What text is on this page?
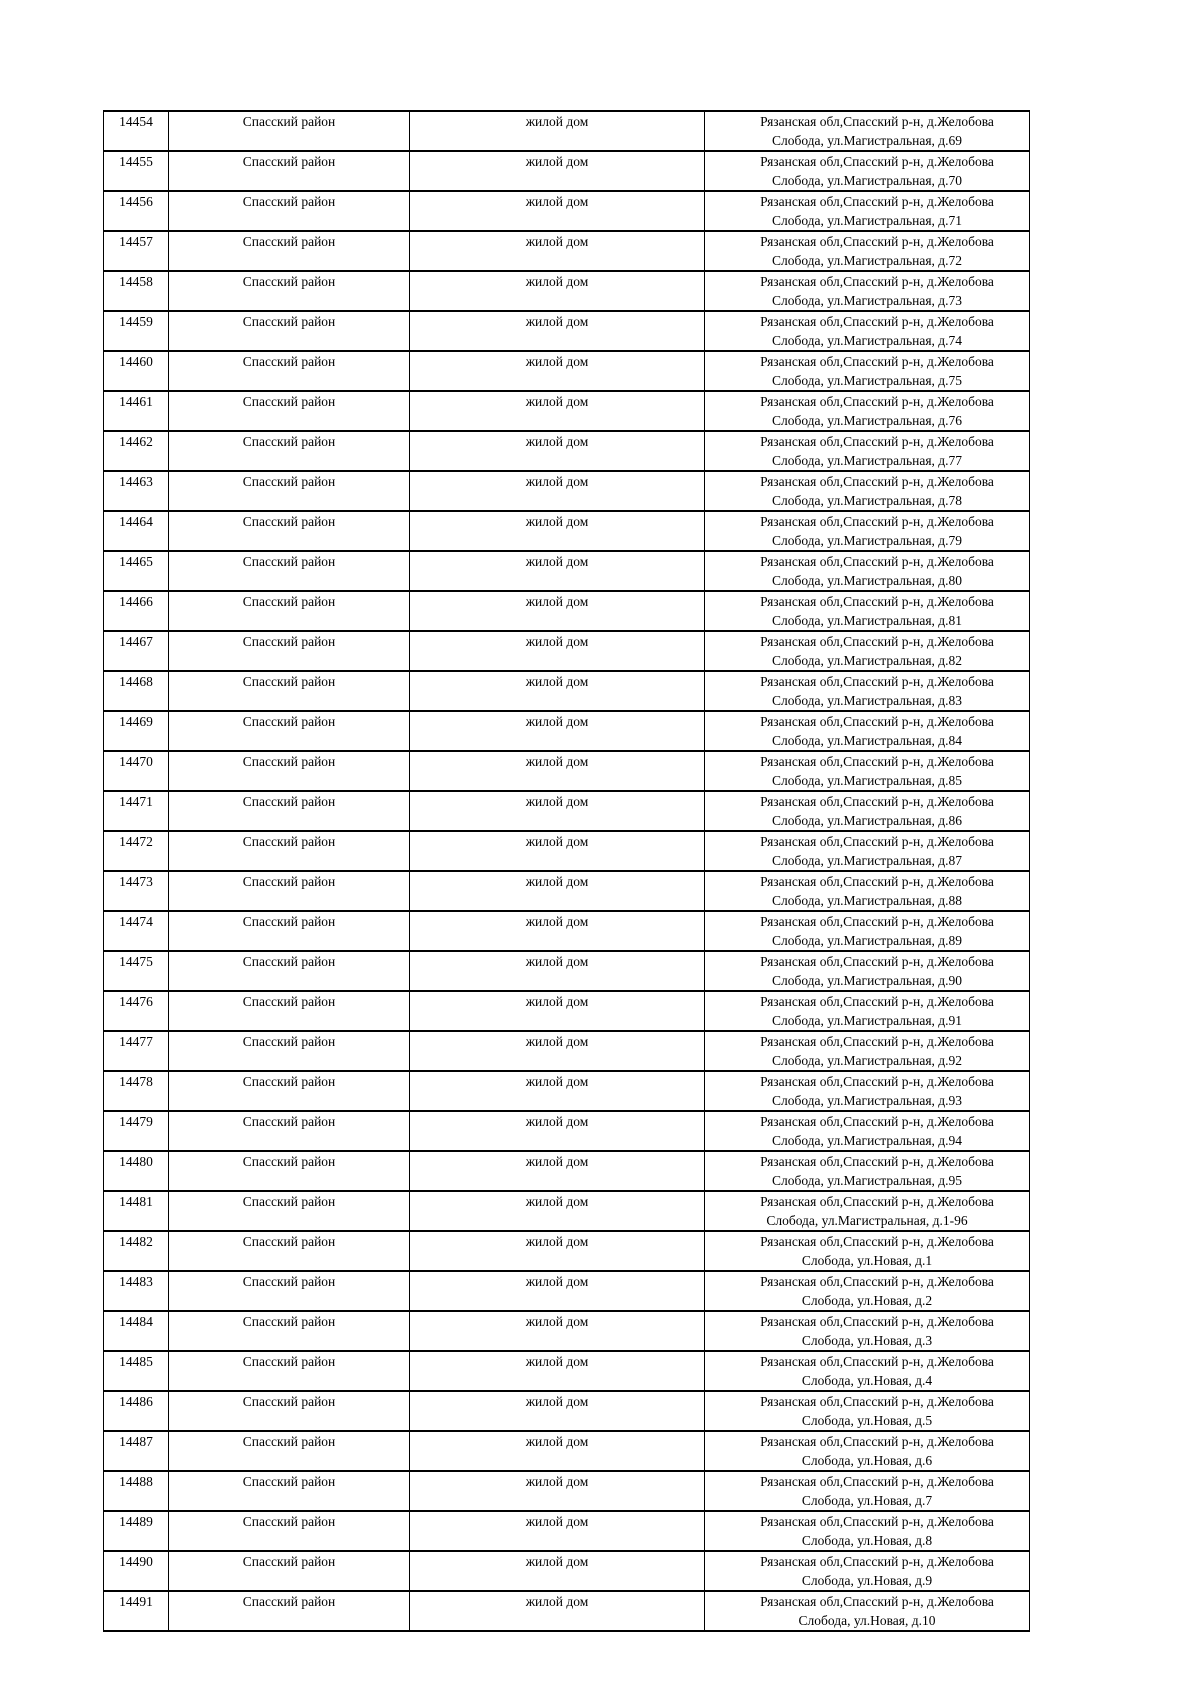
14454	Спасский район	жилой дом	Рязанская обл,Спасский р-н, д.Желобова
Слобода, ул.Магистральная, д.69

14455	Спасский район	жилой дом	Рязанская обл,Спасский р-н, д.Желобова
Слобода, ул.Магистральная, д.70

14456	Спасский район	жилой дом	Рязанская обл,Спасский р-н, д.Желобова
Слобода, ул.Магистральная, д.71

14457	Спасский район	жилой дом	Рязанская обл,Спасский р-н, д.Желобова
Слобода, ул.Магистральная, д.72

14458	Спасский район	жилой дом	Рязанская обл,Спасский р-н, д.Желобова
Слобода, ул.Магистральная, д.73

14459	Спасский район	жилой дом	Рязанская обл,Спасский р-н, д.Желобова
Слобода, ул.Магистральная, д.74

14460	Спасский район	жилой дом	Рязанская обл,Спасский р-н, д.Желобова
Слобода, ул.Магистральная, д.75

14461	Спасский район	жилой дом	Рязанская обл,Спасский р-н, д.Желобова
Слобода, ул.Магистральная, д.76

14462	Спасский район	жилой дом	Рязанская обл,Спасский р-н, д.Желобова
Слобода, ул.Магистральная, д.77

14463	Спасский район	жилой дом	Рязанская обл,Спасский р-н, д.Желобова
Слобода, ул.Магистральная, д.78

14464	Спасский район	жилой дом	Рязанская обл,Спасский р-н, д.Желобова
Слобода, ул.Магистральная, д.79

14465	Спасский район	жилой дом	Рязанская обл,Спасский р-н, д.Желобова
Слобода, ул.Магистральная, д.80

14466	Спасский район	жилой дом	Рязанская обл,Спасский р-н, д.Желобова
Слобода, ул.Магистральная, д.81

14467	Спасский район	жилой дом	Рязанская обл,Спасский р-н, д.Желобова
Слобода, ул.Магистральная, д.82

14468	Спасский район	жилой дом	Рязанская обл,Спасский р-н, д.Желобова
Слобода, ул.Магистральная, д.83

14469	Спасский район	жилой дом	Рязанская обл,Спасский р-н, д.Желобова
Слобода, ул.Магистральная, д.84

14470	Спасский район	жилой дом	Рязанская обл,Спасский р-н, д.Желобова
Слобода, ул.Магистральная, д.85

14471	Спасский район	жилой дом	Рязанская обл,Спасский р-н, д.Желобова
Слобода, ул.Магистральная, д.86

14472	Спасский район	жилой дом	Рязанская обл,Спасский р-н, д.Желобова
Слобода, ул.Магистральная, д.87

14473	Спасский район	жилой дом	Рязанская обл,Спасский р-н, д.Желобова
Слобода, ул.Магистральная, д.88

14474	Спасский район	жилой дом	Рязанская обл,Спасский р-н, д.Желобова
Слобода, ул.Магистральная, д.89

14475	Спасский район	жилой дом	Рязанская обл,Спасский р-н, д.Желобова
Слобода, ул.Магистральная, д.90

14476	Спасский район	жилой дом	Рязанская обл,Спасский р-н, д.Желобова
Слобода, ул.Магистральная, д.91

14477	Спасский район	жилой дом	Рязанская обл,Спасский р-н, д.Желобова
Слобода, ул.Магистральная, д.92

14478	Спасский район	жилой дом	Рязанская обл,Спасский р-н, д.Желобова
Слобода, ул.Магистральная, д.93

14479	Спасский район	жилой дом	Рязанская обл,Спасский р-н, д.Желобова
Слобода, ул.Магистральная, д.94

14480	Спасский район	жилой дом	Рязанская обл,Спасский р-н, д.Желобова
Слобода, ул.Магистральная, д.95

14481	Спасский район	жилой дом	Рязанская обл,Спасский р-н, д.Желобова
Слобода, ул.Магистральная, д.1-96

14482	Спасский район	жилой дом	Рязанская обл,Спасский р-н, д.Желобова
Слобода, ул.Новая, д.1

14483	Спасский район	жилой дом	Рязанская обл,Спасский р-н, д.Желобова
Слобода, ул.Новая, д.2

14484	Спасский район	жилой дом	Рязанская обл,Спасский р-н, д.Желобова
Слобода, ул.Новая, д.3

14485	Спасский район	жилой дом	Рязанская обл,Спасский р-н, д.Желобова
Слобода, ул.Новая, д.4

14486	Спасский район	жилой дом	Рязанская обл,Спасский р-н, д.Желобова
Слобода, ул.Новая, д.5

14487	Спасский район	жилой дом	Рязанская обл,Спасский р-н, д.Желобова
Слобода, ул.Новая, д.6

14488	Спасский район	жилой дом	Рязанская обл,Спасский р-н, д.Желобова
Слобода, ул.Новая, д.7

14489	Спасский район	жилой дом	Рязанская обл,Спасский р-н, д.Желобова
Слобода, ул.Новая, д.8

14490	Спасский район	жилой дом	Рязанская обл,Спасский р-н, д.Желобова
Слобода, ул.Новая, д.9

14491	Спасский район	жилой дом	Рязанская обл,Спасский р-н, д.Желобова
Слобода, ул.Новая, д.10
